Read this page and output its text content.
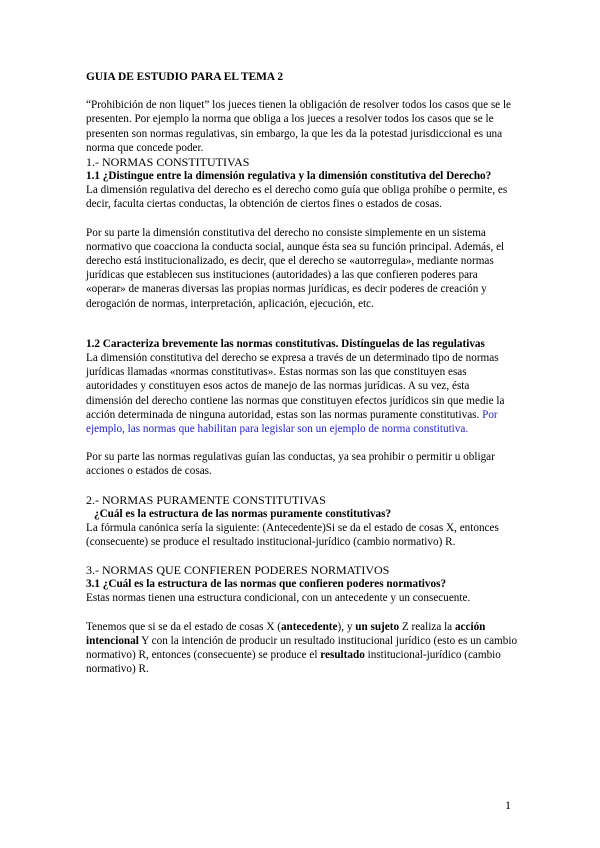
GUIA DE ESTUDIO PARA EL TEMA 2

“Prohibición de non liquet” los jueces tienen la obligación de resolver todos los casos que se le presenten. Por ejemplo la norma que obliga a los jueces a resolver todos los casos que se le presenten son normas regulativas, sin embargo, la que les da la potestad jurisdiccional es una norma que concede poder.

1.- NORMAS CONSTITUTIVAS

1.1 ¿Distingue entre la dimensión regulativa y la dimensión constitutiva del Derecho?

La dimensión regulativa del derecho es el derecho como guía que obliga prohíbe o permite, es decir, faculta ciertas conductas, la obtención de ciertos fines o estados de cosas.

Por su parte la dimensión constitutiva del derecho no consiste simplemente en un sistema normativo que coacciona la conducta social, aunque ésta sea su función principal. Además, el derecho está institucionalizado, es decir, que el derecho se «autorregula», mediante normas jurídicas que establecen sus instituciones (autoridades) a las que confieren poderes para «operar» de maneras diversas las propias normas jurídicas, es decir poderes de creación y derogación de normas, interpretación, aplicación, ejecución, etc.

1.2 Caracteriza brevemente las normas constitutivas. Distínguelas de las regulativas

La dimensión constitutiva del derecho se expresa a través de un determinado tipo de normas jurídicas llamadas «normas constitutivas». Estas normas son las que constituyen esas autoridades y constituyen esos actos de manejo de las normas jurídicas. A su vez, ésta dimensión del derecho contiene las normas que constituyen efectos jurídicos sin que medie la acción determinada de ninguna autoridad, estas son las normas puramente constitutivas. Por ejemplo, las normas que habilitan para legislar son un ejemplo de norma constitutiva.

Por su parte las normas regulativas guían las conductas, ya sea prohibir o permitir u obligar acciones o estados de cosas.

2.- NORMAS PURAMENTE CONSTITUTIVAS

¿Cuál es la estructura de las normas puramente constitutivas?

La fórmula canónica sería la siguiente: (Antecedente)Si se da el estado de cosas X, entonces (consecuente) se produce el resultado institucional-jurídico (cambio normativo) R.

3.- NORMAS QUE CONFIEREN PODERES NORMATIVOS

3.1 ¿Cuál es la estructura de las normas que confieren poderes normativos?

Estas normas tienen una estructura condicional, con un antecedente y un consecuente.

Tenemos que si se da el estado de cosas X (antecedente), y un sujeto Z realiza la acción intencional Y con la intención de producir un resultado institucional jurídico (esto es un cambio normativo) R, entonces (consecuente) se produce el resultado institucional-jurídico (cambio normativo) R.

1
